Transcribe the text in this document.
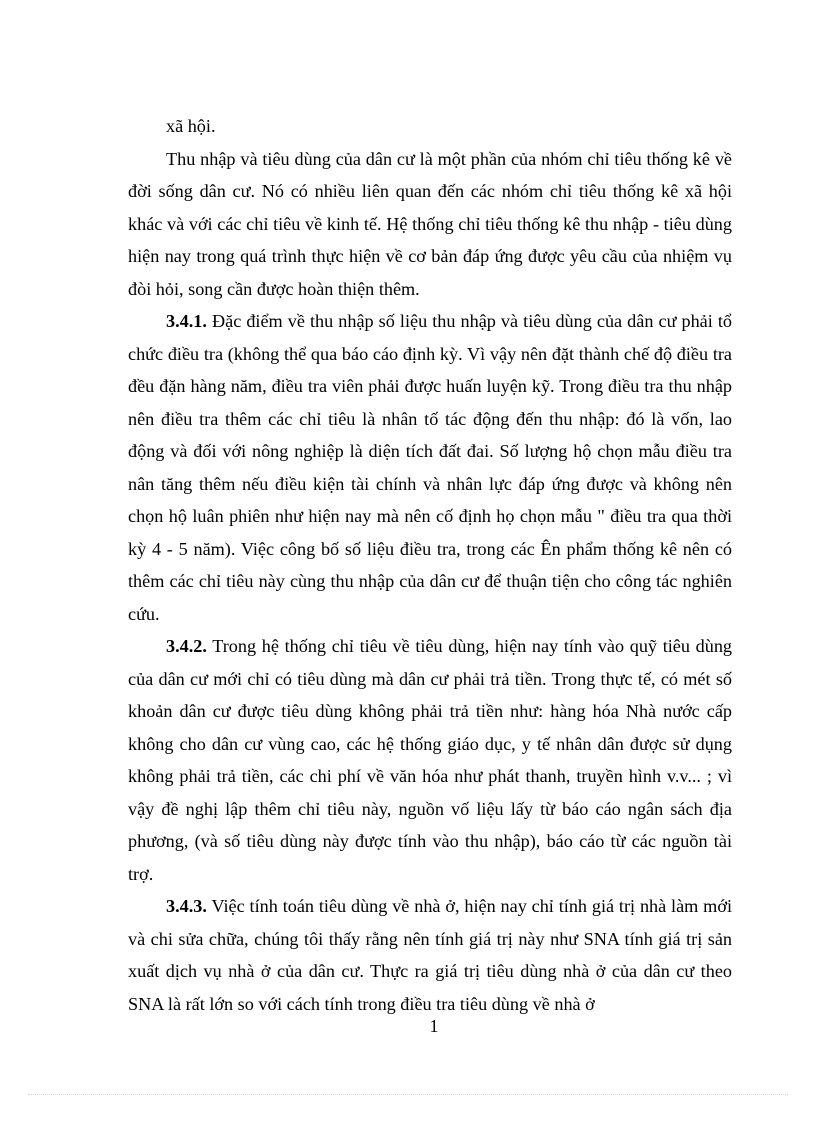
xã hội.

Thu nhập và tiêu dùng của dân cư là một phần của nhóm chỉ tiêu thống kê về đời sống dân cư. Nó có nhiều liên quan đến các nhóm chỉ tiêu thống kê xã hội khác và với các chỉ tiêu về kinh tế. Hệ thống chỉ tiêu thống kê thu nhập - tiêu dùng hiện nay trong quá trình thực hiện về cơ bản đáp ứng được yêu cầu của nhiệm vụ đòi hỏi, song cần được hoàn thiện thêm.

3.4.1. Đặc điểm về thu nhập số liệu thu nhập và tiêu dùng của dân cư phải tổ chức điều tra (không thể qua báo cáo định kỳ. Vì vậy nên đặt thành chế độ điều tra đều đặn hàng năm, điều tra viên phải được huấn luyện kỹ. Trong điều tra thu nhập nên điều tra thêm các chỉ tiêu là nhân tố tác động đến thu nhập: đó là vốn, lao động và đối với nông nghiệp là diện tích đất đai. Số lượng hộ chọn mẫu điều tra nân tăng thêm nếu điều kiện tài chính và nhân lực đáp ứng được và không nên chọn hộ luân phiên như hiện nay mà nên cố định họ chọn mẫu " điều tra qua thời kỳ 4 - 5 năm). Việc công bố số liệu điều tra, trong các Ên phẩm thống kê nên có thêm các chỉ tiêu này cùng thu nhập của dân cư để thuận tiện cho công tác nghiên cứu.

3.4.2. Trong hệ thống chỉ tiêu về tiêu dùng, hiện nay tính vào quỹ tiêu dùng của dân cư mới chỉ có tiêu dùng mà dân cư phải trả tiền. Trong thực tế, có mét số khoản dân cư được tiêu dùng không phải trả tiền như: hàng hóa Nhà nước cấp không cho dân cư vùng cao, các hệ thống giáo dục, y tế nhân dân được sử dụng không phải trả tiền, các chi phí về văn hóa như phát thanh, truyền hình v.v... ; vì vậy đề nghị lập thêm chỉ tiêu này, nguồn vố liệu lấy từ báo cáo ngân sách địa phương, (và số tiêu dùng này được tính vào thu nhập), báo cáo từ các nguồn tài trợ.

3.4.3. Việc tính toán tiêu dùng về nhà ở, hiện nay chỉ tính giá trị nhà làm mới và chi sửa chữa, chúng tôi thấy rằng nên tính giá trị này như SNA tính giá trị sản xuất dịch vụ nhà ở của dân cư. Thực ra giá trị tiêu dùng nhà ở của dân cư theo SNA là rất lớn so với cách tính trong điều tra tiêu dùng về nhà ở

1
